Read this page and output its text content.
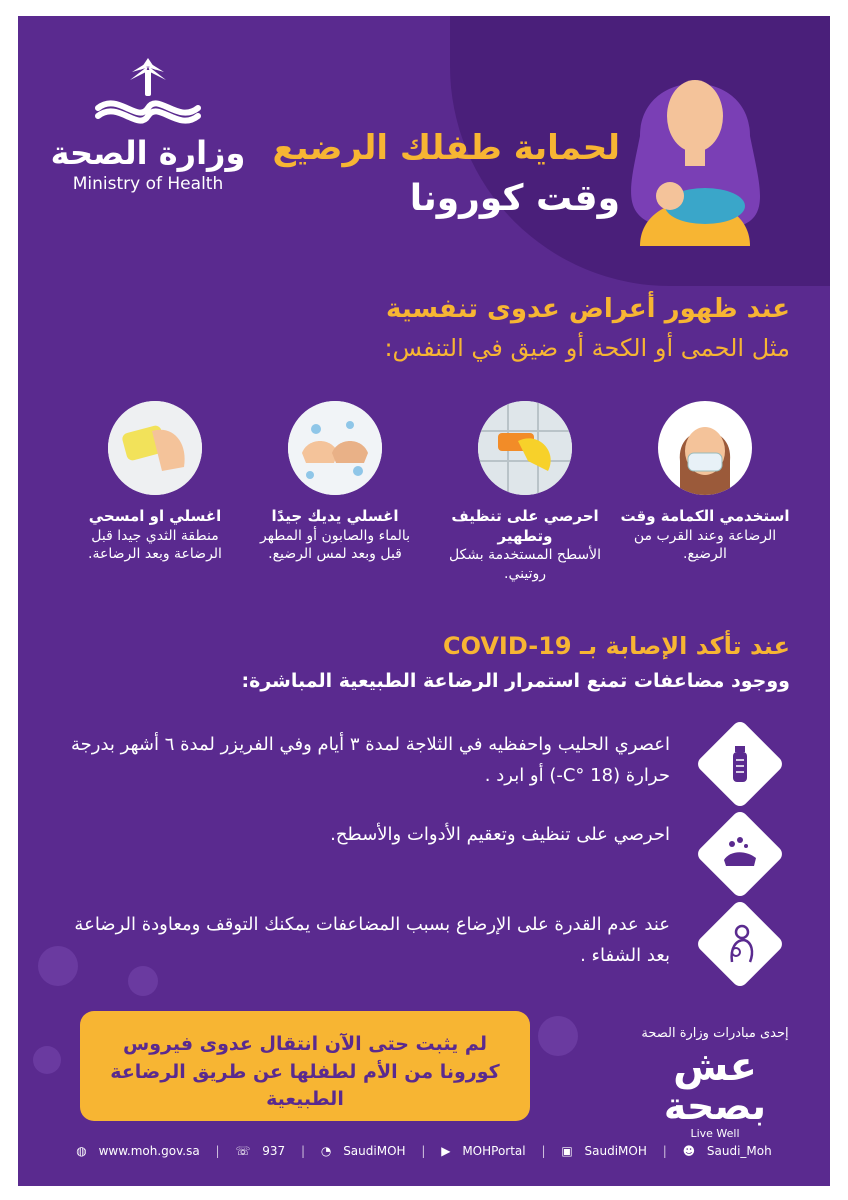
وزارة الصحة
Ministry of Health
لحماية طفلك الرضيع
وقت كورونا
عند ظهور أعراض عدوى تنفسية
مثل الحمى أو الكحة أو ضيق في التنفس:
استخدمي الكمامة وقت
الرضاعة وعند القرب من الرضيع.
احرصي على تنظيف وتطهير
الأسطح المستخدمة بشكل روتيني.
اغسلي يديك جيدًا
بالماء والصابون أو المطهر قبل وبعد لمس الرضيع.
اغسلي او امسحي
منطقة الثدي جيدا قبل الرضاعة وبعد الرضاعة.
عند تأكد الإصابة بـ COVID-19
ووجود مضاعفات تمنع استمرار الرضاعة الطبيعية المباشرة:
اعصري الحليب واحفظيه في الثلاجة لمدة ٣ أيام وفي الفريزر لمدة ٦ أشهر بدرجة حرارة (C° 18-) أو ابرد .
احرصي على تنظيف وتعقيم الأدوات والأسطح.
عند عدم القدرة على الإرضاع بسبب المضاعفات يمكنك التوقف ومعاودة الرضاعة بعد الشفاء .
لم يثبت حتى الآن انتقال عدوى فيروس كورونا من الأم لطفلها عن طريق الرضاعة الطبيعية
إحدى مبادرات وزارة الصحة
عش
بصحة
Live Well
◍ www.moh.gov.sa | ☏ 937 | ◔ SaudiMOH | ▶ MOHPortal | ▣ SaudiMOH | ☻ Saudi_Moh
